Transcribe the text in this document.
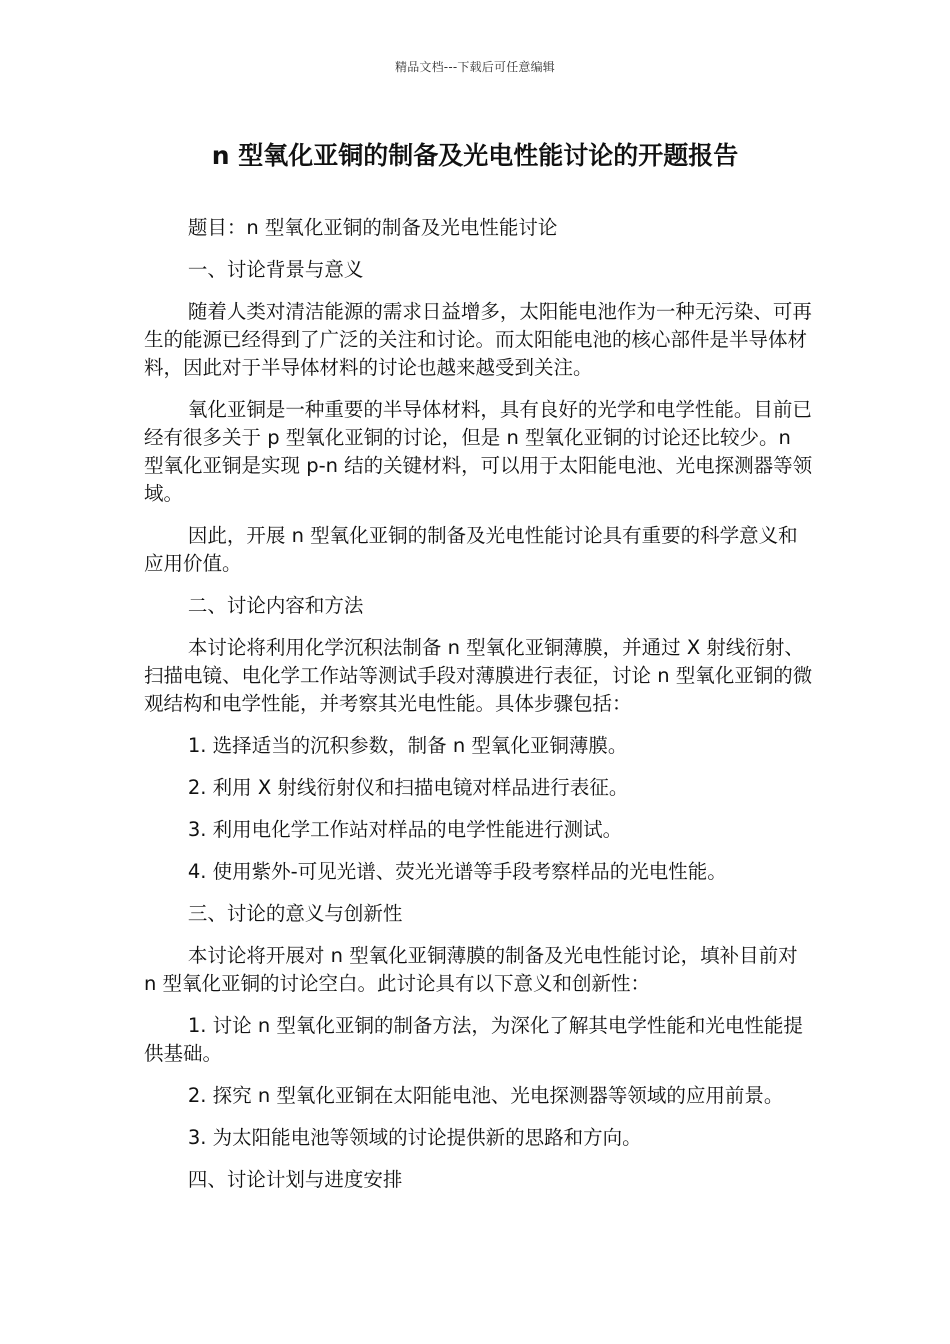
精品文档---下载后可任意编辑
n 型氧化亚铜的制备及光电性能讨论的开题报告

题目：n 型氧化亚铜的制备及光电性能讨论

一、讨论背景与意义

随着人类对清洁能源的需求日益增多，太阳能电池作为一种无污染、可再生的能源已经得到了广泛的关注和讨论。而太阳能电池的核心部件是半导体材料，因此对于半导体材料的讨论也越来越受到关注。

氧化亚铜是一种重要的半导体材料，具有良好的光学和电学性能。目前已经有很多关于 p 型氧化亚铜的讨论，但是 n 型氧化亚铜的讨论还比较少。n 型氧化亚铜是实现 p-n 结的关键材料，可以用于太阳能电池、光电探测器等领域。

因此，开展 n 型氧化亚铜的制备及光电性能讨论具有重要的科学意义和应用价值。

二、讨论内容和方法

本讨论将利用化学沉积法制备 n 型氧化亚铜薄膜，并通过 X 射线衍射、扫描电镜、电化学工作站等测试手段对薄膜进行表征，讨论 n 型氧化亚铜的微观结构和电学性能，并考察其光电性能。具体步骤包括：

1. 选择适当的沉积参数，制备 n 型氧化亚铜薄膜。

2. 利用 X 射线衍射仪和扫描电镜对样品进行表征。

3. 利用电化学工作站对样品的电学性能进行测试。

4. 使用紫外-可见光谱、荧光光谱等手段考察样品的光电性能。

三、讨论的意义与创新性

本讨论将开展对 n 型氧化亚铜薄膜的制备及光电性能讨论，填补目前对 n 型氧化亚铜的讨论空白。此讨论具有以下意义和创新性：

1. 讨论 n 型氧化亚铜的制备方法，为深化了解其电学性能和光电性能提供基础。

2. 探究 n 型氧化亚铜在太阳能电池、光电探测器等领域的应用前景。

3. 为太阳能电池等领域的讨论提供新的思路和方向。

四、讨论计划与进度安排
